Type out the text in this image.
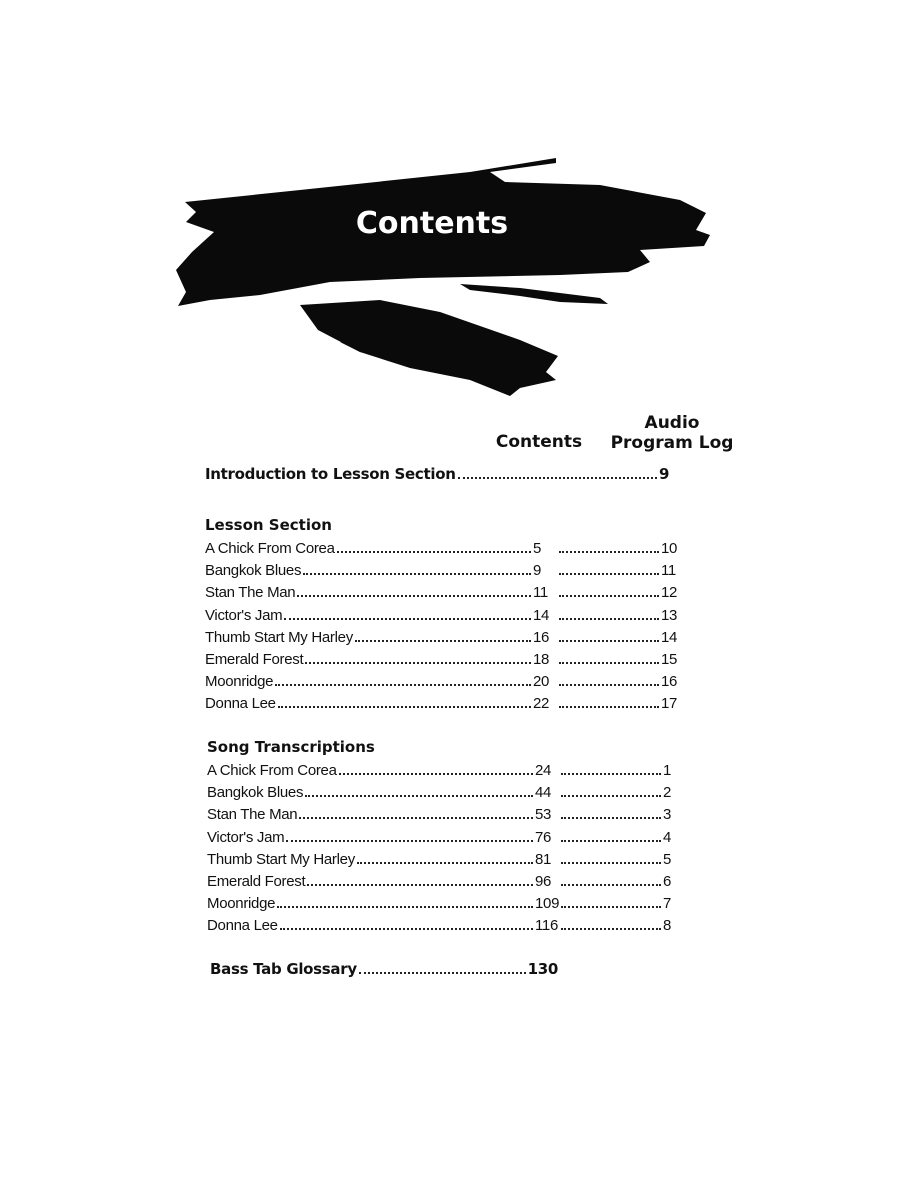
Contents
Contents
Audio
Program Log
Introduction to Lesson Section	9
Lesson Section
A Chick From Corea	5	10
Bangkok Blues	9	11
Stan The Man	11	12
Victor's Jam	14	13
Thumb Start My Harley	16	14
Emerald Forest	18	15
Moonridge	20	16
Donna Lee	22	17
Song Transcriptions
A Chick From Corea	24	1
Bangkok Blues	44	2
Stan The Man	53	3
Victor's Jam	76	4
Thumb Start My Harley	81	5
Emerald Forest	96	6
Moonridge	109	7
Donna Lee	116	8
Bass Tab Glossary	130
